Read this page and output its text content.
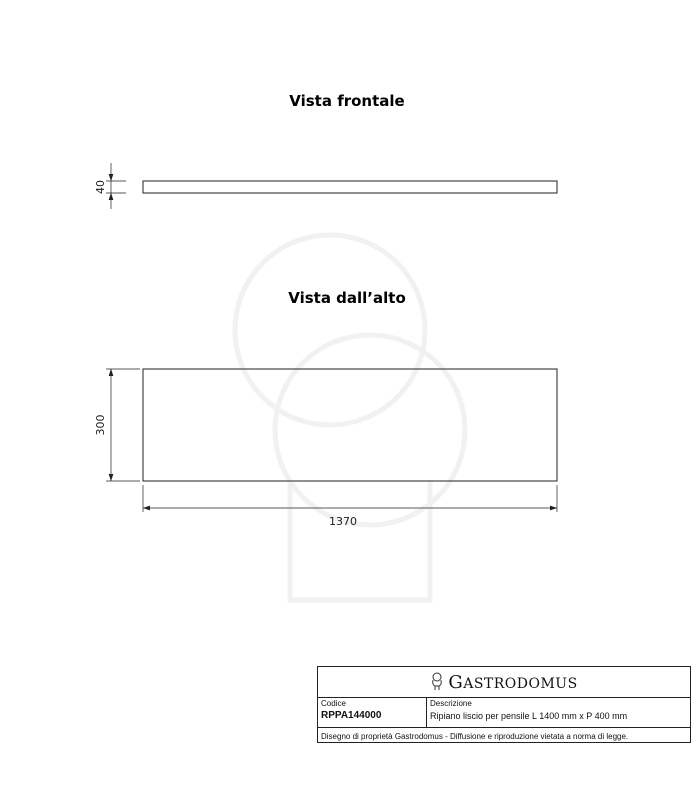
Vista frontale
Vista dall’alto
40
300
1370
GASTRODOMUS
Codice
RPPA144000
Descrizione
Ripiano liscio per pensile L 1400 mm x P 400 mm
Disegno di proprietà Gastrodomus - Diffusione e riproduzione vietata a norma di legge.
